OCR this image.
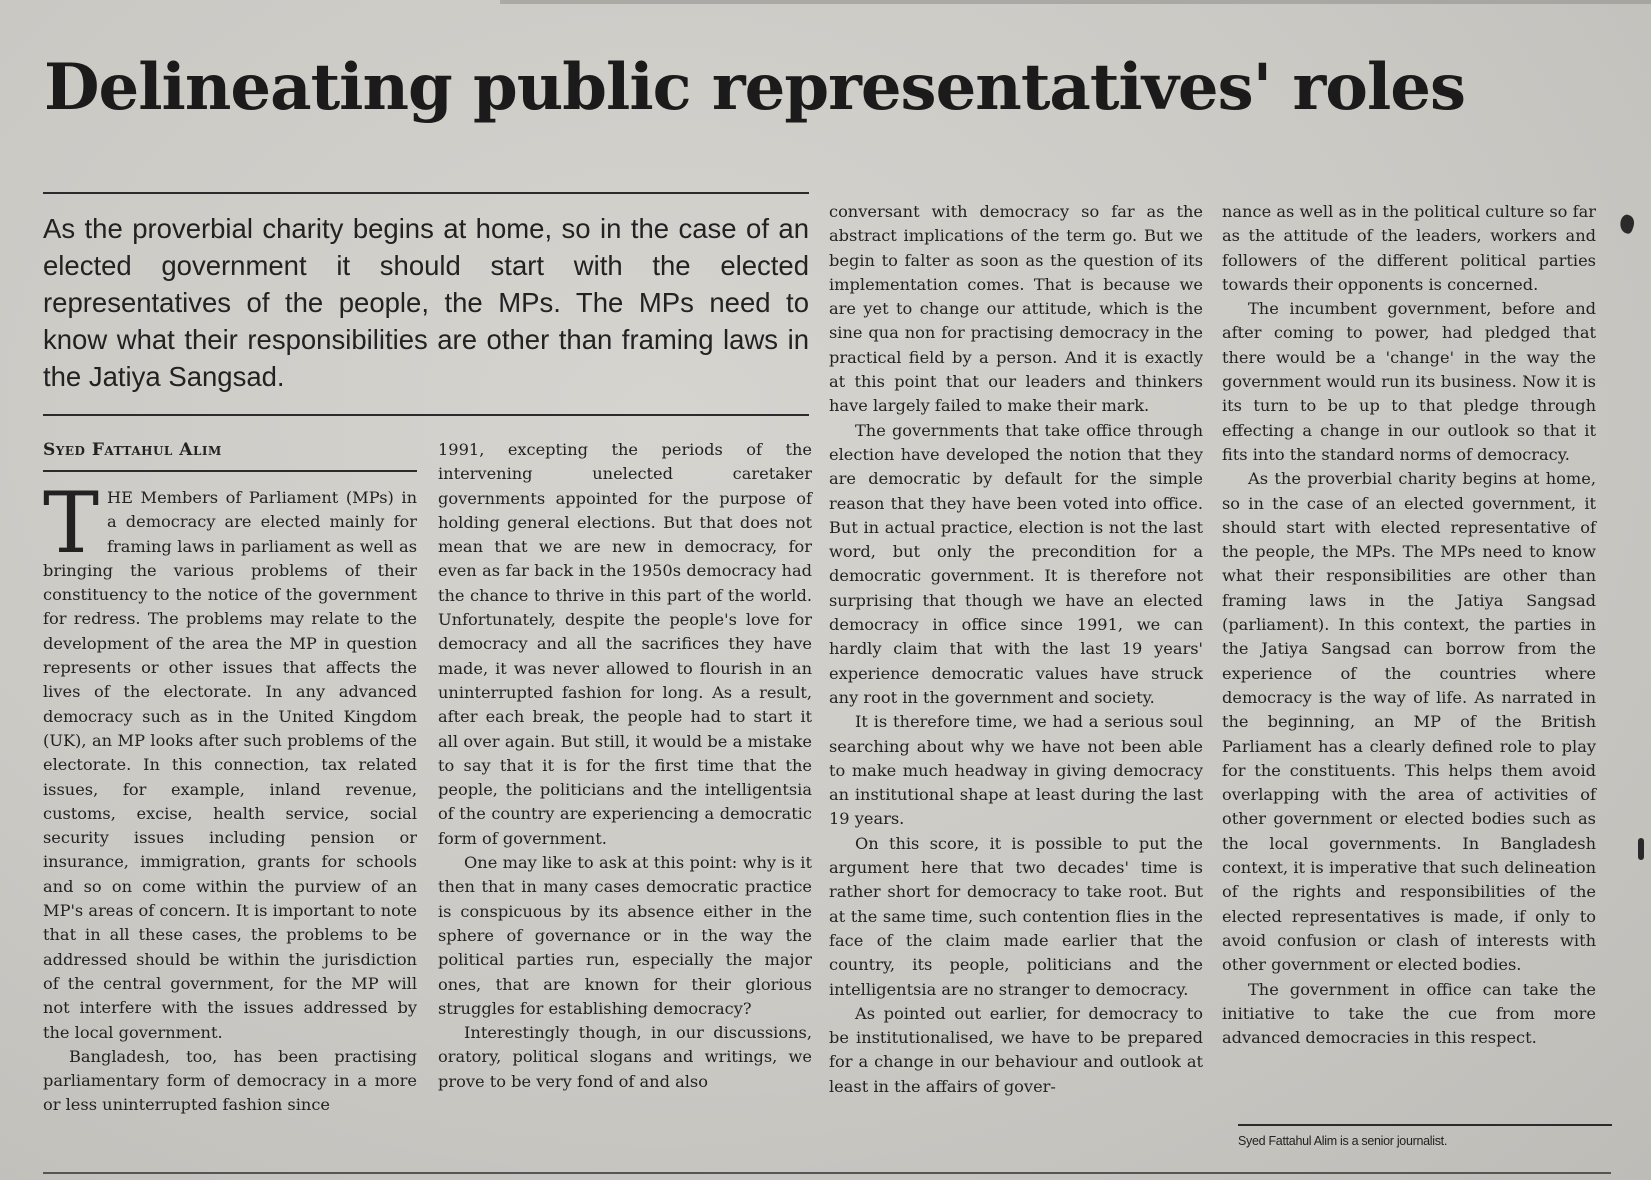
Delineating public representatives' roles

As the proverbial charity begins at home, so in the case of an elected government it should start with the elected representatives of the people, the MPs. The MPs need to know what their responsibilities are other than framing laws in the Jatiya Sangsad.

Syed Fattahul Alim

THE Members of Parliament (MPs) in a democracy are elected mainly for framing laws in parliament as well as bringing the various problems of their constituency to the notice of the government for redress. The problems may relate to the development of the area the MP in question represents or other issues that affects the lives of the electorate. In any advanced democracy such as in the United Kingdom (UK), an MP looks after such problems of the electorate. In this connection, tax related issues, for example, inland revenue, customs, excise, health service, social security issues including pension or insurance, immigration, grants for schools and so on come within the purview of an MP's areas of concern. It is important to note that in all these cases, the problems to be addressed should be within the jurisdiction of the central government, for the MP will not interfere with the issues addressed by the local government.

Bangladesh, too, has been practising parliamentary form of democracy in a more or less uninterrupted fashion since

1991, excepting the periods of the intervening unelected caretaker governments appointed for the purpose of holding general elections. But that does not mean that we are new in democracy, for even as far back in the 1950s democracy had the chance to thrive in this part of the world. Unfortunately, despite the people's love for democracy and all the sacrifices they have made, it was never allowed to flourish in an uninterrupted fashion for long. As a result, after each break, the people had to start it all over again. But still, it would be a mistake to say that it is for the first time that the people, the politicians and the intelligentsia of the country are experiencing a democratic form of government.

One may like to ask at this point: why is it then that in many cases democratic practice is conspicuous by its absence either in the sphere of governance or in the way the political parties run, especially the major ones, that are known for their glorious struggles for establishing democracy?

Interestingly though, in our discussions, oratory, political slogans and writings, we prove to be very fond of and also

conversant with democracy so far as the abstract implications of the term go. But we begin to falter as soon as the question of its implementation comes. That is because we are yet to change our attitude, which is the sine qua non for practising democracy in the practical field by a person. And it is exactly at this point that our leaders and thinkers have largely failed to make their mark.

The governments that take office through election have developed the notion that they are democratic by default for the simple reason that they have been voted into office. But in actual practice, election is not the last word, but only the precondition for a democratic government. It is therefore not surprising that though we have an elected democracy in office since 1991, we can hardly claim that with the last 19 years' experience democratic values have struck any root in the government and society.

It is therefore time, we had a serious soul searching about why we have not been able to make much headway in giving democracy an institutional shape at least during the last 19 years.

On this score, it is possible to put the argument here that two decades' time is rather short for democracy to take root. But at the same time, such contention flies in the face of the claim made earlier that the country, its people, politicians and the intelligentsia are no stranger to democracy.

As pointed out earlier, for democracy to be institutionalised, we have to be prepared for a change in our behaviour and outlook at least in the affairs of gover-

nance as well as in the political culture so far as the attitude of the leaders, workers and followers of the different political parties towards their opponents is concerned.

The incumbent government, before and after coming to power, had pledged that there would be a 'change' in the way the government would run its business. Now it is its turn to be up to that pledge through effecting a change in our outlook so that it fits into the standard norms of democracy.

As the proverbial charity begins at home, so in the case of an elected government, it should start with elected representative of the people, the MPs. The MPs need to know what their responsibilities are other than framing laws in the Jatiya Sangsad (parliament). In this context, the parties in the Jatiya Sangsad can borrow from the experience of the countries where democracy is the way of life. As narrated in the beginning, an MP of the British Parliament has a clearly defined role to play for the constituents. This helps them avoid overlapping with the area of activities of other government or elected bodies such as the local governments. In Bangladesh context, it is imperative that such delineation of the rights and responsibilities of the elected representatives is made, if only to avoid confusion or clash of interests with other government or elected bodies.

The government in office can take the initiative to take the cue from more advanced democracies in this respect.

Syed Fattahul Alim is a senior journalist.
